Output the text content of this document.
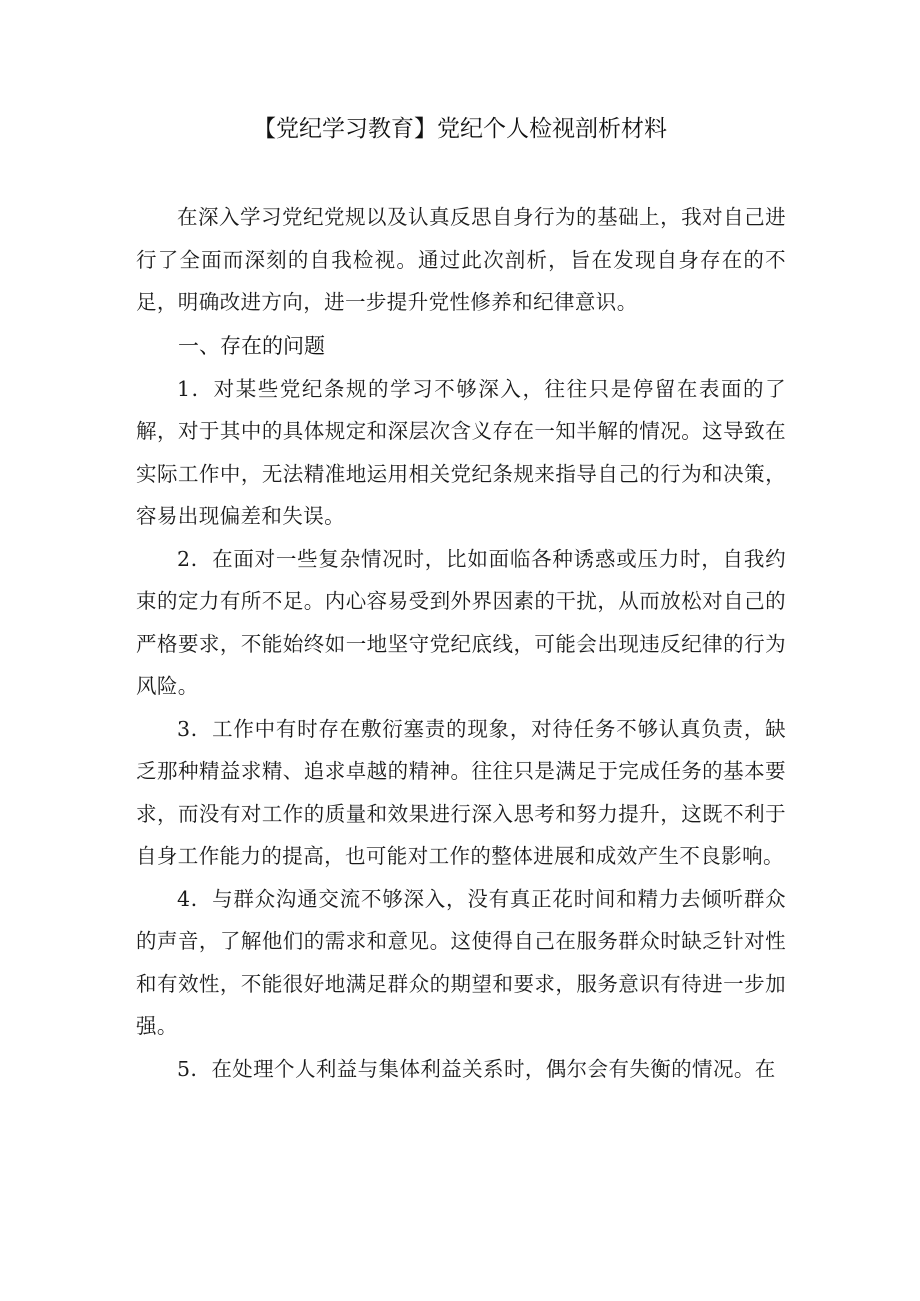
【党纪学习教育】党纪个人检视剖析材料

在深入学习党纪党规以及认真反思自身行为的基础上，我对自己进行了全面而深刻的自我检视。通过此次剖析，旨在发现自身存在的不足，明确改进方向，进一步提升党性修养和纪律意识。

一、存在的问题

1．对某些党纪条规的学习不够深入，往往只是停留在表面的了解，对于其中的具体规定和深层次含义存在一知半解的情况。这导致在实际工作中，无法精准地运用相关党纪条规来指导自己的行为和决策，容易出现偏差和失误。

2．在面对一些复杂情况时，比如面临各种诱惑或压力时，自我约束的定力有所不足。内心容易受到外界因素的干扰，从而放松对自己的严格要求，不能始终如一地坚守党纪底线，可能会出现违反纪律的行为风险。

3．工作中有时存在敷衍塞责的现象，对待任务不够认真负责，缺乏那种精益求精、追求卓越的精神。往往只是满足于完成任务的基本要求，而没有对工作的质量和效果进行深入思考和努力提升，这既不利于自身工作能力的提高，也可能对工作的整体进展和成效产生不良影响。

4．与群众沟通交流不够深入，没有真正花时间和精力去倾听群众的声音，了解他们的需求和意见。这使得自己在服务群众时缺乏针对性和有效性，不能很好地满足群众的期望和要求，服务意识有待进一步加强。

5．在处理个人利益与集体利益关系时，偶尔会有失衡的情况。在
